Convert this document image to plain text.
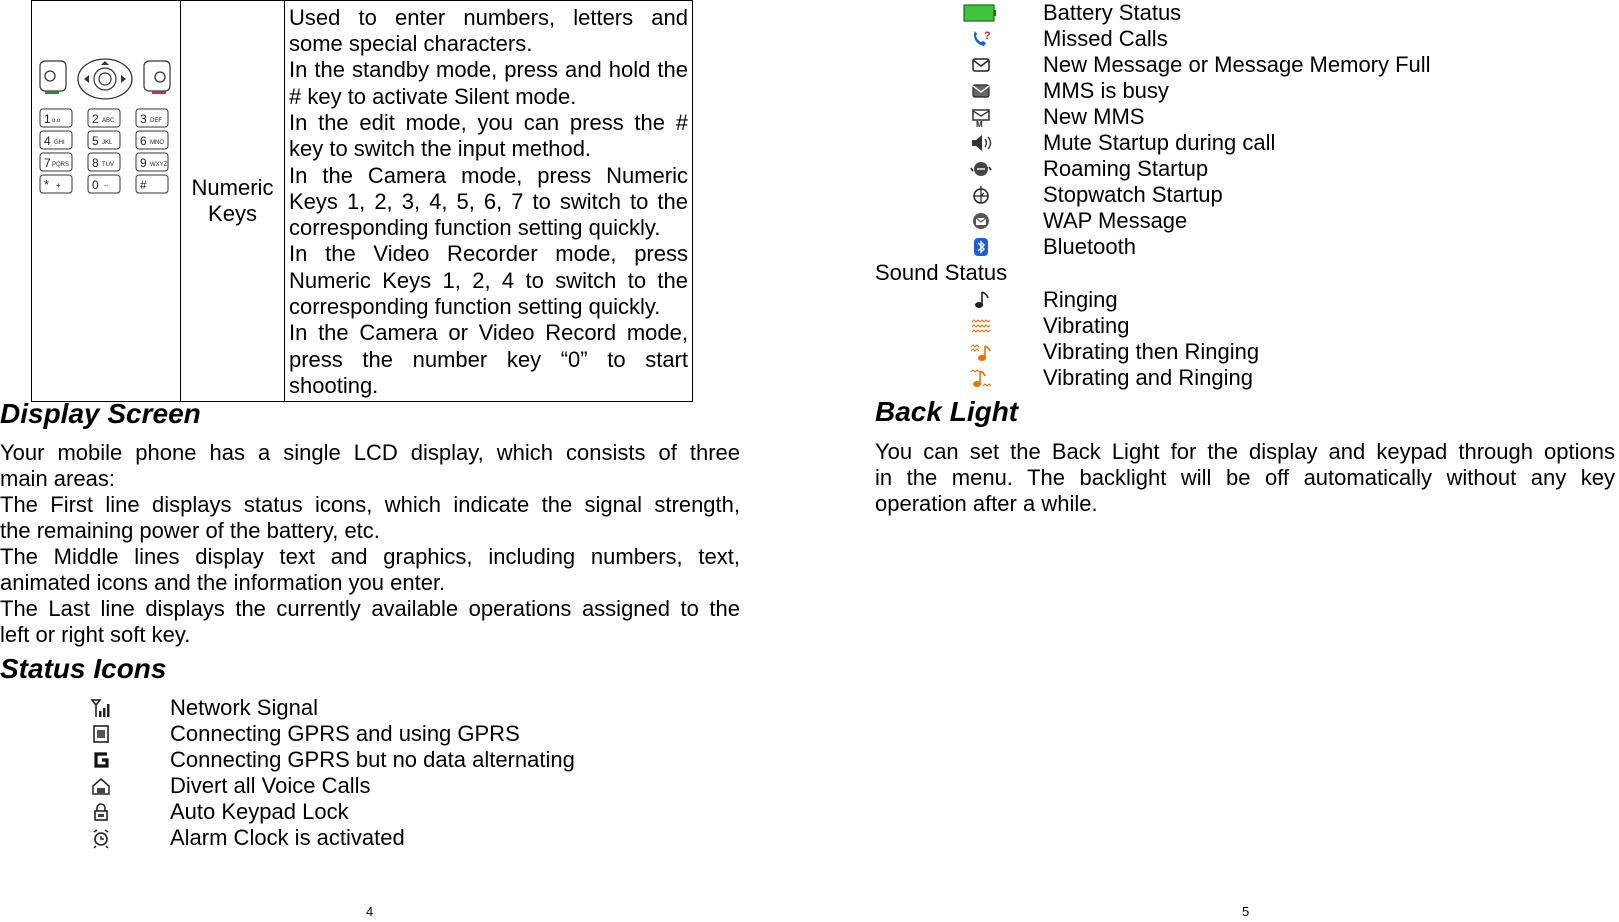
1 o.o	2 ABC 3 DEF
4 GHI 5 JKL 6 MNO
7 PQRS 8 TUV 9 WXYZ
* +	0 --	#	Numeric Keys	
Used to enter numbers, letters and
some special characters.
In the standby mode, press and hold the
# key to activate Silent mode.
In the edit mode, you can press the #
key to switch the input method.
In the Camera mode, press Numeric
Keys 1, 2, 3, 4, 5, 6, 7 to switch to the
corresponding function setting quickly.
In the Video Recorder mode, press
Numeric Keys 1, 2, 4 to switch to the
corresponding function setting quickly.
In the Camera or Video Record mode,
press the number key “0” to start
shooting.
Display Screen
Your mobile phone has a single LCD display, which consists of three
main areas:
The First line displays status icons, which indicate the signal strength,
the remaining power of the battery, etc.
The Middle lines display text and graphics, including numbers, text,
animated icons and the information you enter.
The Last line displays the currently available operations assigned to the
left or right soft key.
Status Icons
Network Signal
Connecting GPRS and using GPRS
Connecting GPRS but no data alternating
Divert all Voice Calls
Auto Keypad Lock
Alarm Clock is activated
4
Battery Status
? Missed Calls
New Message or Message Memory Full
MMS is busy
M	New MMS
Mute Startup during call
Roaming Startup
Stopwatch Startup
WAP Message
Bluetooth
Sound Status
Ringing
Vibrating
Vibrating then Ringing
Vibrating and Ringing
Back Light
You can set the Back Light for the display and keypad through options
in the menu. The backlight will be off automatically without any key
operation after a while.
5
